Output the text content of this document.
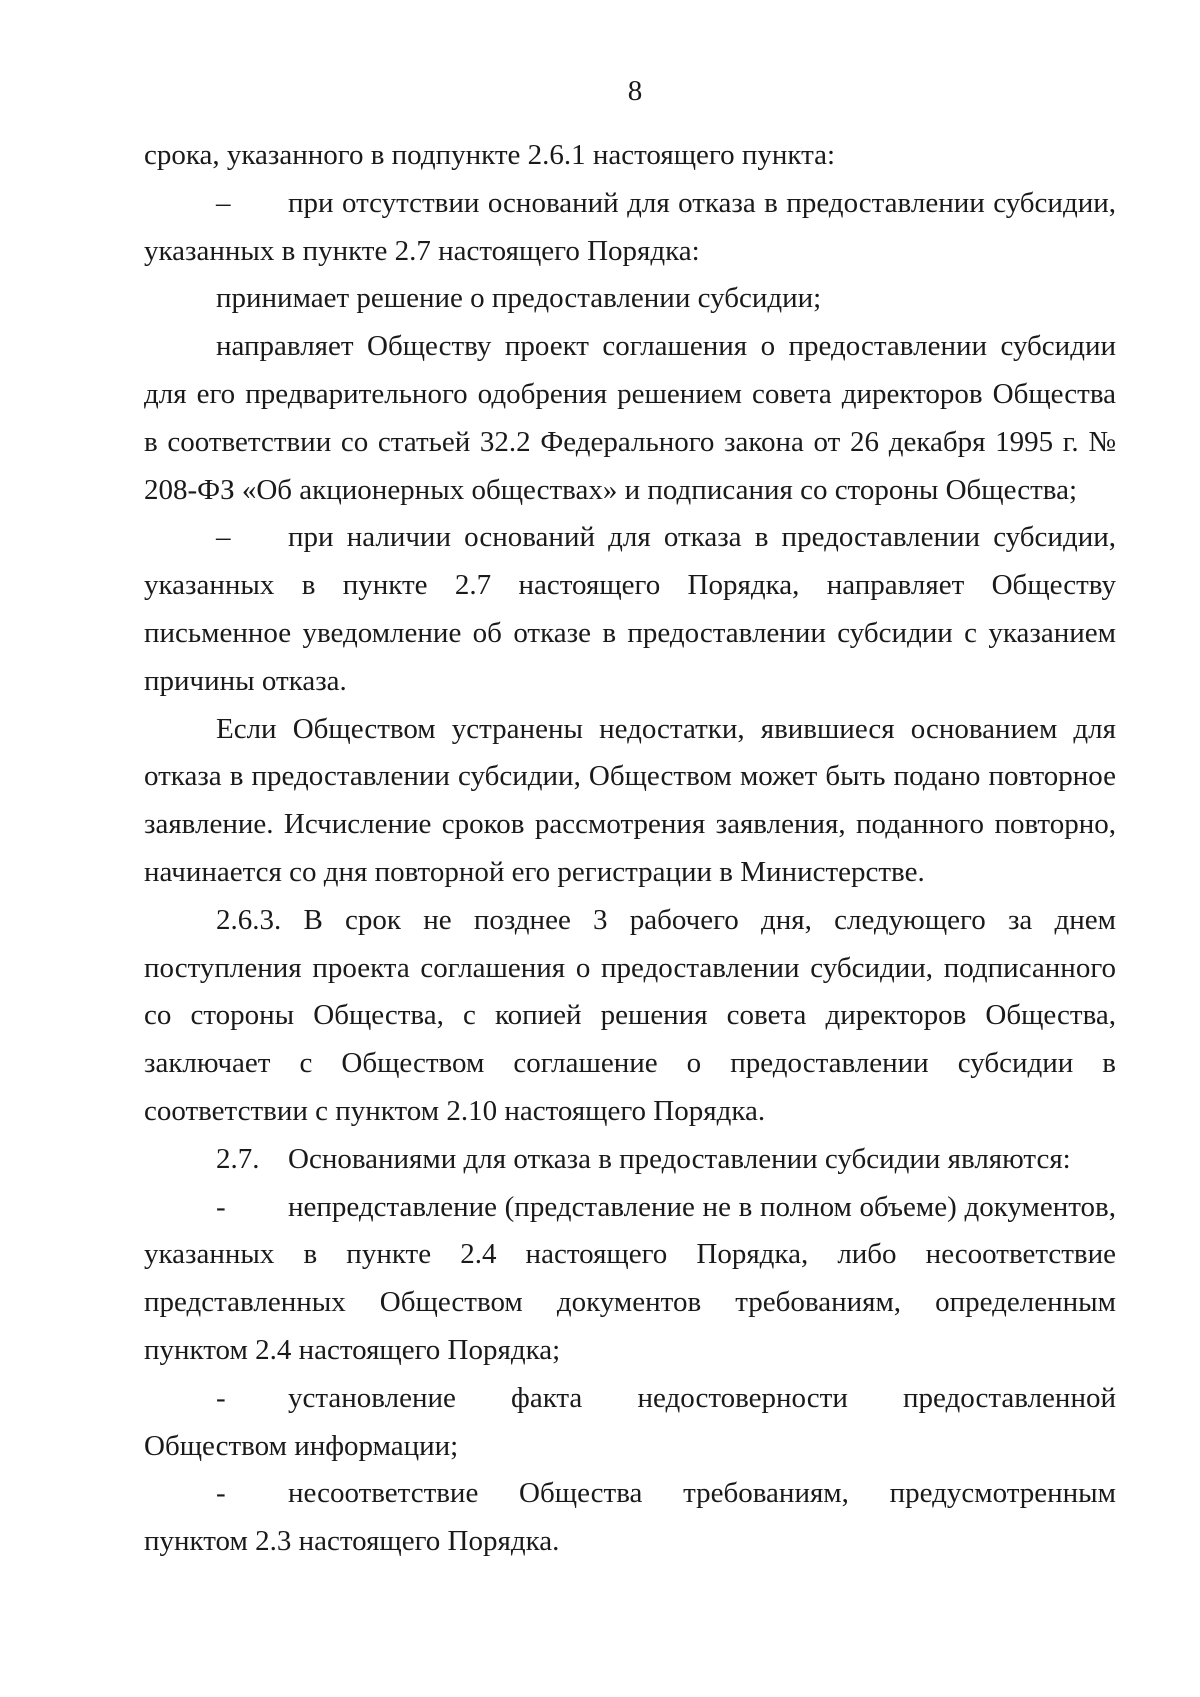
8

срока, указанного в подпункте 2.6.1 настоящего пункта:

– при отсутствии оснований для отказа в предоставлении субсидии, указанных в пункте 2.7 настоящего Порядка:

принимает решение о предоставлении субсидии;

направляет Обществу проект соглашения о предоставлении субсидии для его предварительного одобрения решением совета директоров Общества в соответствии со статьей 32.2 Федерального закона от 26 декабря 1995 г. № 208-ФЗ «Об акционерных обществах» и подписания со стороны Общества;

– при наличии оснований для отказа в предоставлении субсидии, указанных в пункте 2.7 настоящего Порядка, направляет Обществу письменное уведомление об отказе в предоставлении субсидии с указанием причины отказа.

Если Обществом устранены недостатки, явившиеся основанием для отказа в предоставлении субсидии, Обществом может быть подано повторное заявление. Исчисление сроков рассмотрения заявления, поданного повторно, начинается со дня повторной его регистрации в Министерстве.

2.6.3. В срок не позднее 3 рабочего дня, следующего за днем поступления проекта соглашения о предоставлении субсидии, подписанного со стороны Общества, с копией решения совета директоров Общества, заключает с Обществом соглашение о предоставлении субсидии в соответствии с пунктом 2.10 настоящего Порядка.

2.7. Основаниями для отказа в предоставлении субсидии являются:

- непредставление (представление не в полном объеме) документов, указанных в пункте 2.4 настоящего Порядка, либо несоответствие представленных Обществом документов требованиям, определенным пунктом 2.4 настоящего Порядка;

- установление факта недостоверности предоставленной Обществом информации;

- несоответствие Общества требованиям, предусмотренным пунктом 2.3 настоящего Порядка.
